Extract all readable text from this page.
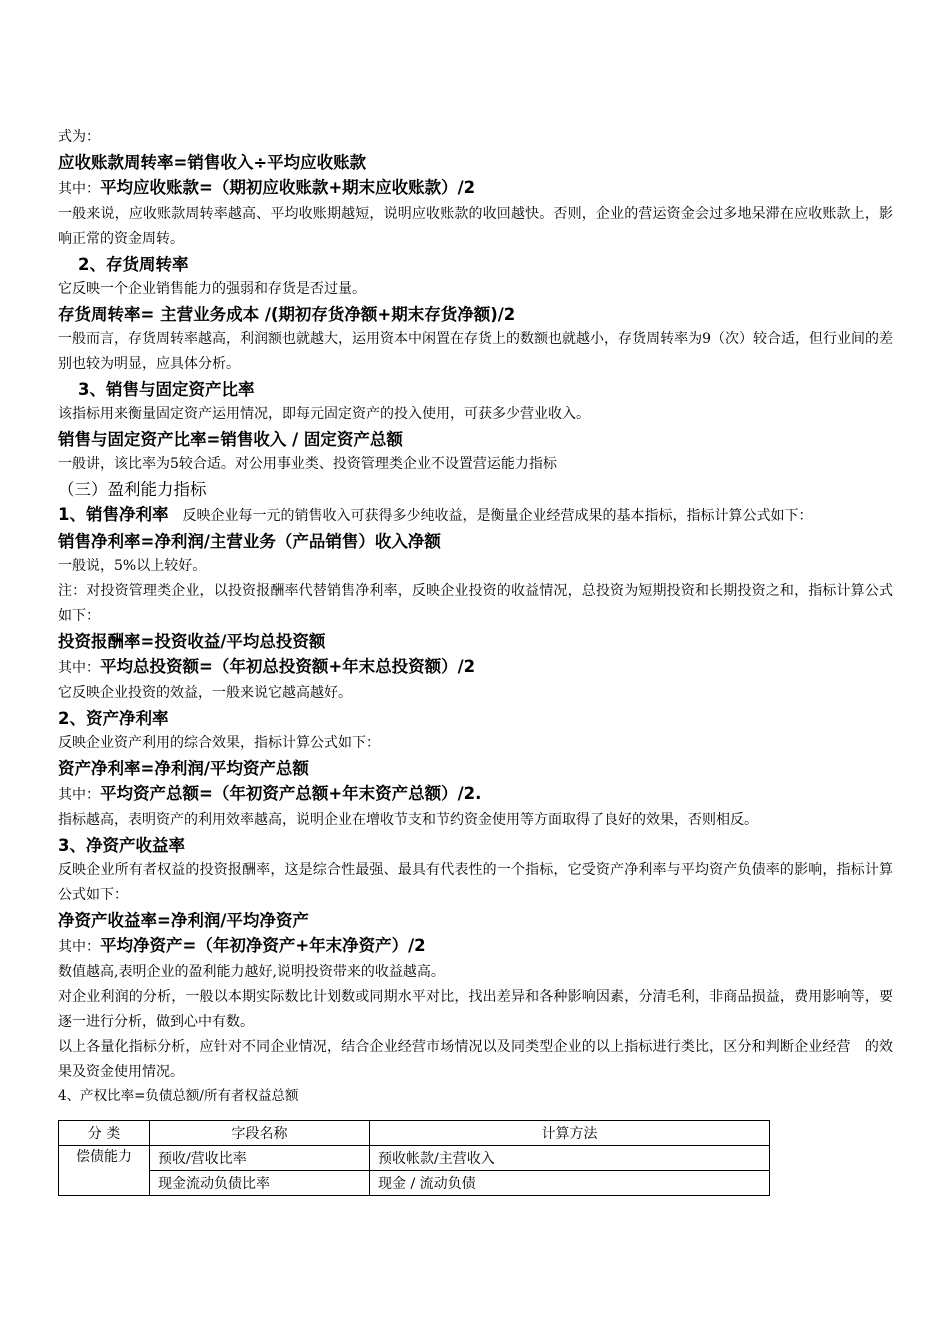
式为：
应收账款周转率=销售收入÷平均应收账款
其中：平均应收账款=（期初应收账款+期末应收账款）/2
一般来说，应收账款周转率越高、平均收账期越短，说明应收账款的收回越快。否则，企业的营运资金会过多地呆滞在应收账款上，影响正常的资金周转。
2、存货周转率
它反映一个企业销售能力的强弱和存货是否过量。
存货周转率= 主营业务成本 /(期初存货净额+期末存货净额)/2
一般而言，存货周转率越高，利润额也就越大，运用资本中闲置在存货上的数额也就越小，存货周转率为9（次）较合适，但行业间的差别也较为明显，应具体分析。
3、销售与固定资产比率
该指标用来衡量固定资产运用情况，即每元固定资产的投入使用，可获多少营业收入。
销售与固定资产比率=销售收入 / 固定资产总额
一般讲，该比率为5较合适。对公用事业类、投资管理类企业不设置营运能力指标
（三）盈利能力指标
1、销售净利率　反映企业每一元的销售收入可获得多少纯收益，是衡量企业经营成果的基本指标，指标计算公式如下：
销售净利率=净利润/主营业务（产品销售）收入净额
一般说，5%以上较好。
注：对投资管理类企业，以投资报酬率代替销售净利率，反映企业投资的收益情况，总投资为短期投资和长期投资之和，指标计算公式如下：
投资报酬率=投资收益/平均总投资额
其中：平均总投资额=（年初总投资额+年末总投资额）/2
它反映企业投资的效益，一般来说它越高越好。
2、资产净利率
反映企业资产利用的综合效果，指标计算公式如下：
资产净利率=净利润/平均资产总额
其中：平均资产总额=（年初资产总额+年末资产总额）/2.
指标越高，表明资产的利用效率越高，说明企业在增收节支和节约资金使用等方面取得了良好的效果，否则相反。
3、净资产收益率
反映企业所有者权益的投资报酬率，这是综合性最强、最具有代表性的一个指标，它受资产净利率与平均资产负债率的影响，指标计算公式如下：
净资产收益率=净利润/平均净资产
其中：平均净资产=（年初净资产+年末净资产）/2
数值越高,表明企业的盈利能力越好,说明投资带来的收益越高。
对企业利润的分析，一般以本期实际数比计划数或同期水平对比，找出差异和各种影响因素，分清毛利，非商品损益，费用影响等，要逐一进行分析，做到心中有数。
以上各量化指标分析，应针对不同企业情况，结合企业经营市场情况以及同类型企业的以上指标进行类比，区分和判断企业经营　的效果及资金使用情况。
4、产权比率=负债总额/所有者权益总额
分 类	字段名称	计算方法
偿债能力	预收/营收比率	预收帐款/主营收入
	现金流动负债比率	现金 / 流动负债
